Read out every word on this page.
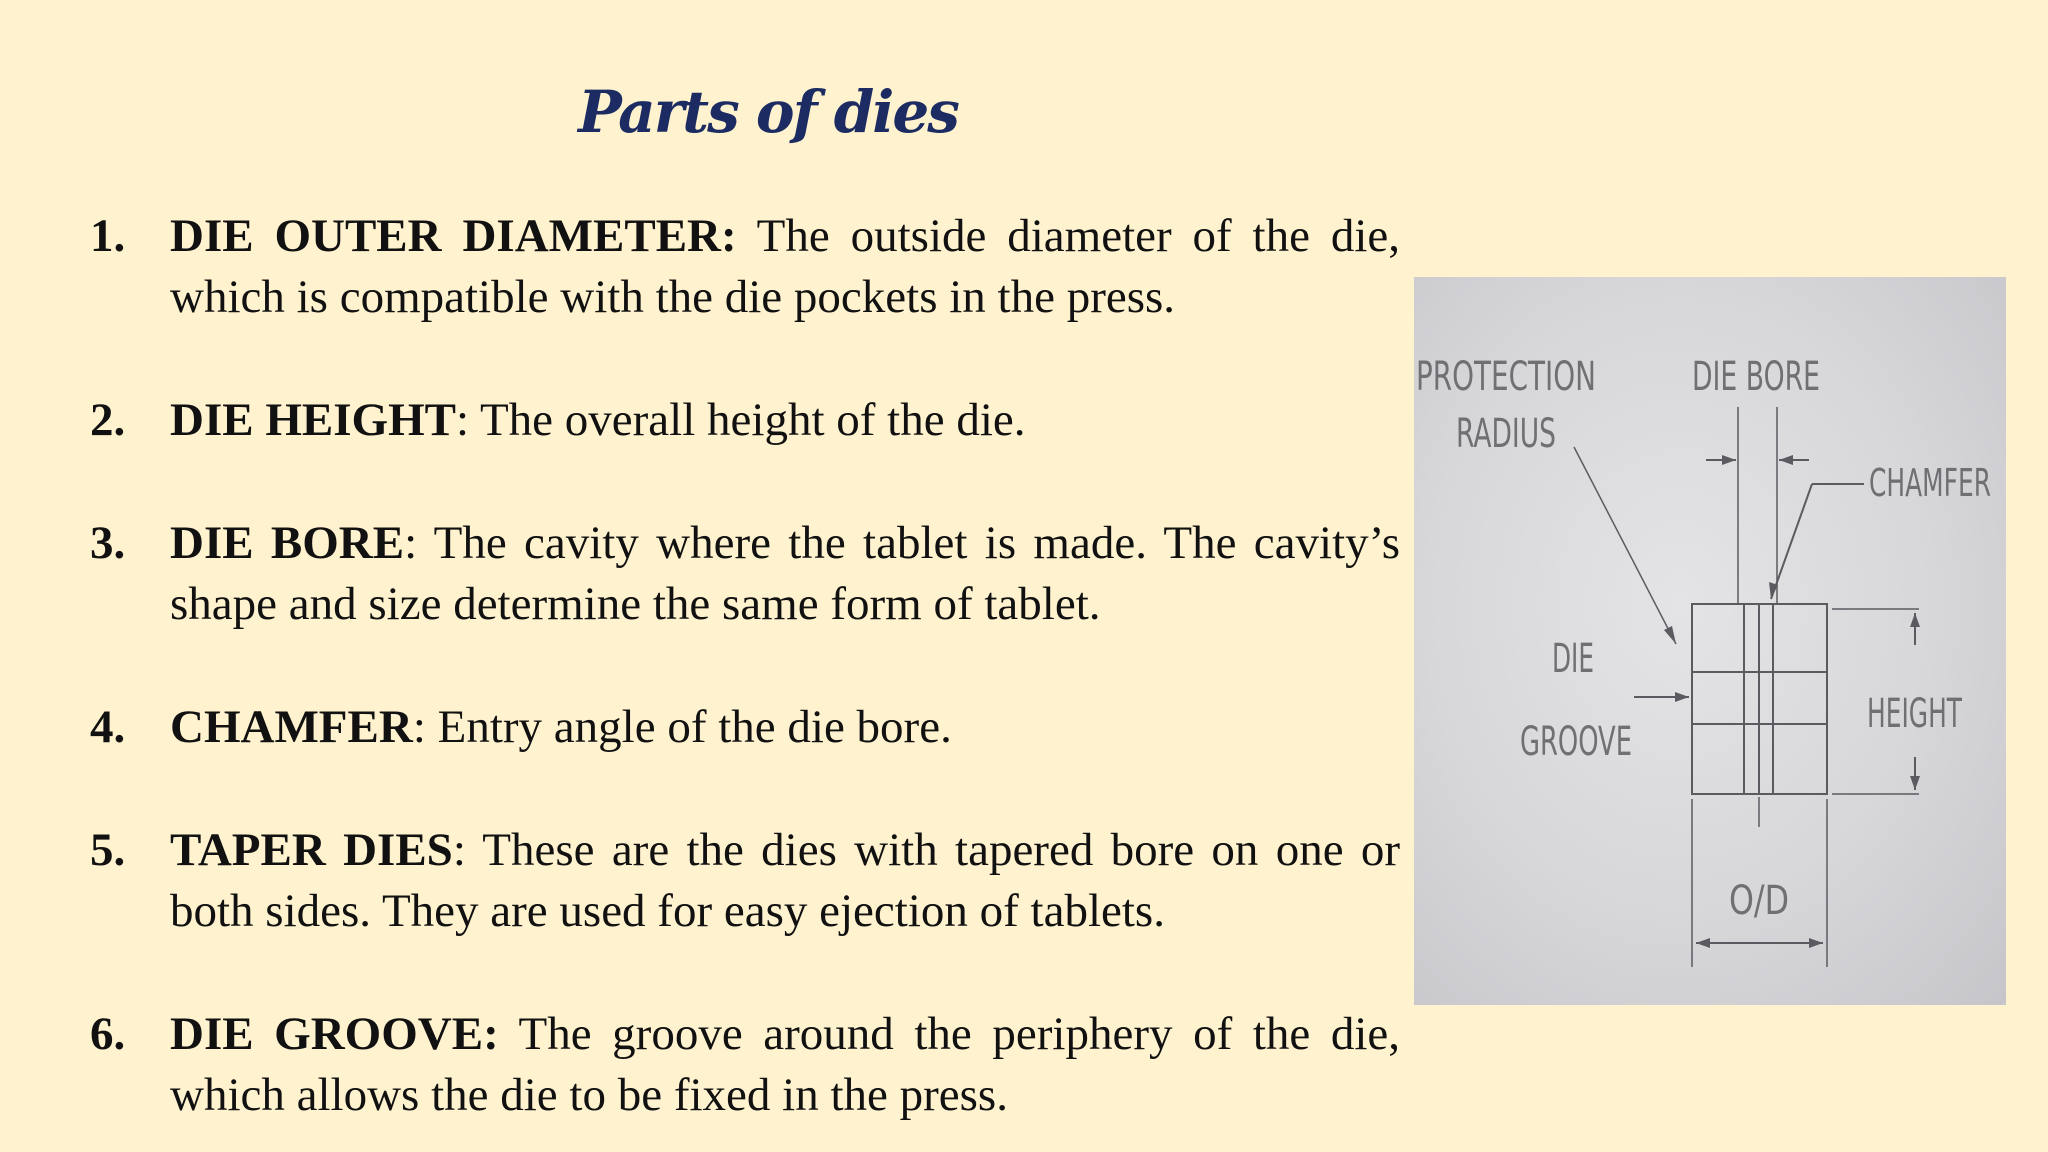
Parts of dies
1. DIE OUTER DIAMETER: The outside diameter of the die, which is compatible with the die pockets in the press.
2. DIE HEIGHT: The overall height of the die.
3. DIE BORE: The cavity where the tablet is made. The cavity’s shape and size determine the same form of tablet.
4. CHAMFER: Entry angle of the die bore.
5. TAPER DIES: These are the dies with tapered bore on one or both sides. They are used for easy ejection of tablets.
6. DIE GROOVE: The groove around the periphery of the die, which allows the die to be fixed in the press.
PROTECTION
RADIUS
DIE BORE
CHAMFER
DIE
GROOVE
HEIGHT
O/D
